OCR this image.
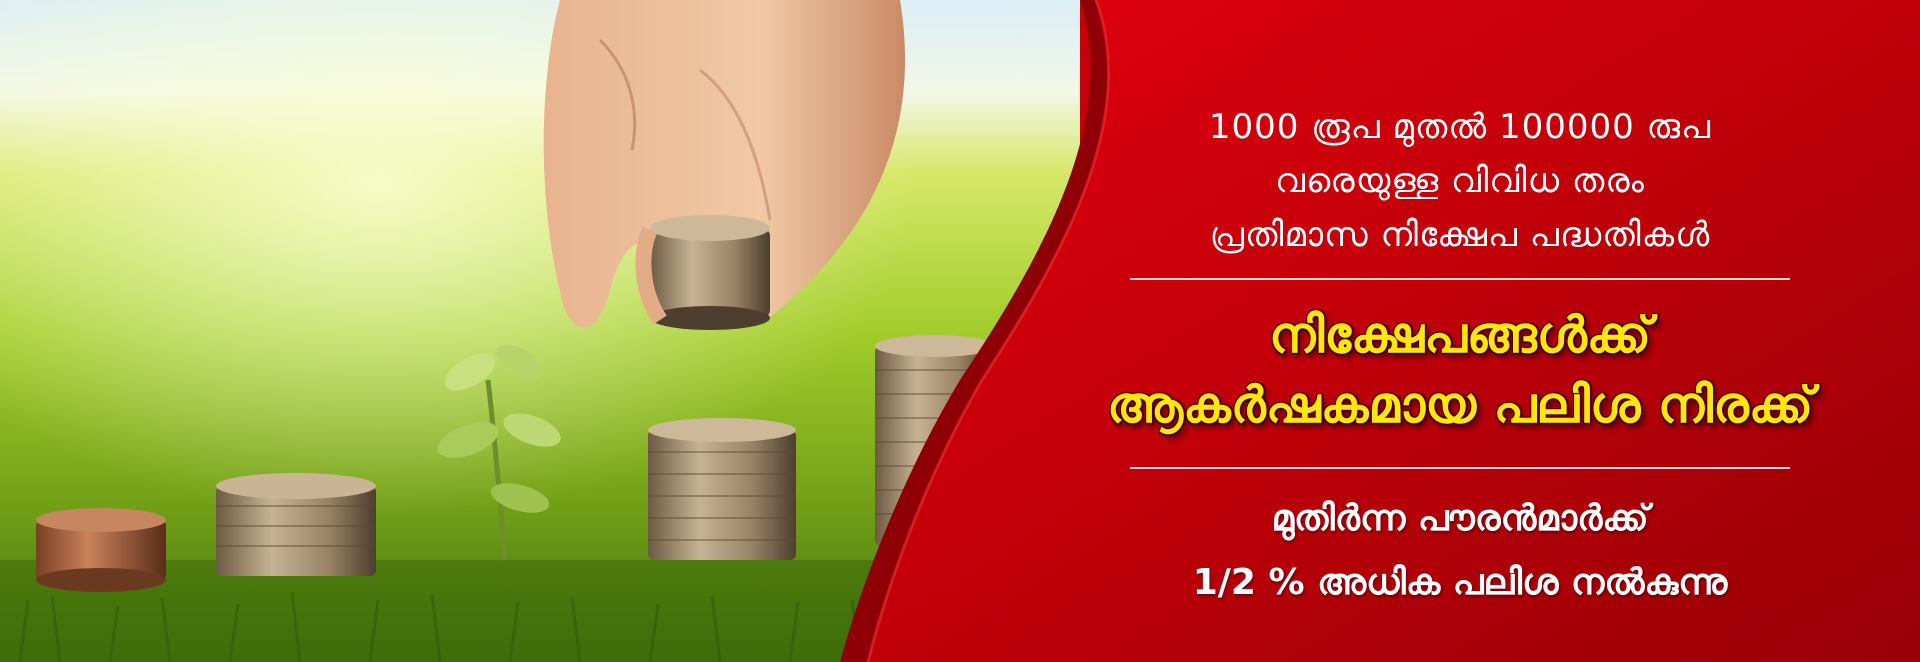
1000 രൂപ മുതൽ 100000 രുപ
വരെയുള്ള വിവിധ തരം
പ്രതിമാസ നിക്ഷേപ പദ്ധതികൾ

നിക്ഷേപങ്ങൾക്ക്
ആകർഷകമായ പലിശ നിരക്ക്

മുതിർന്ന പൗരൻമാർക്ക്
1/2 % അധിക പലിശ നൽകുന്നു
